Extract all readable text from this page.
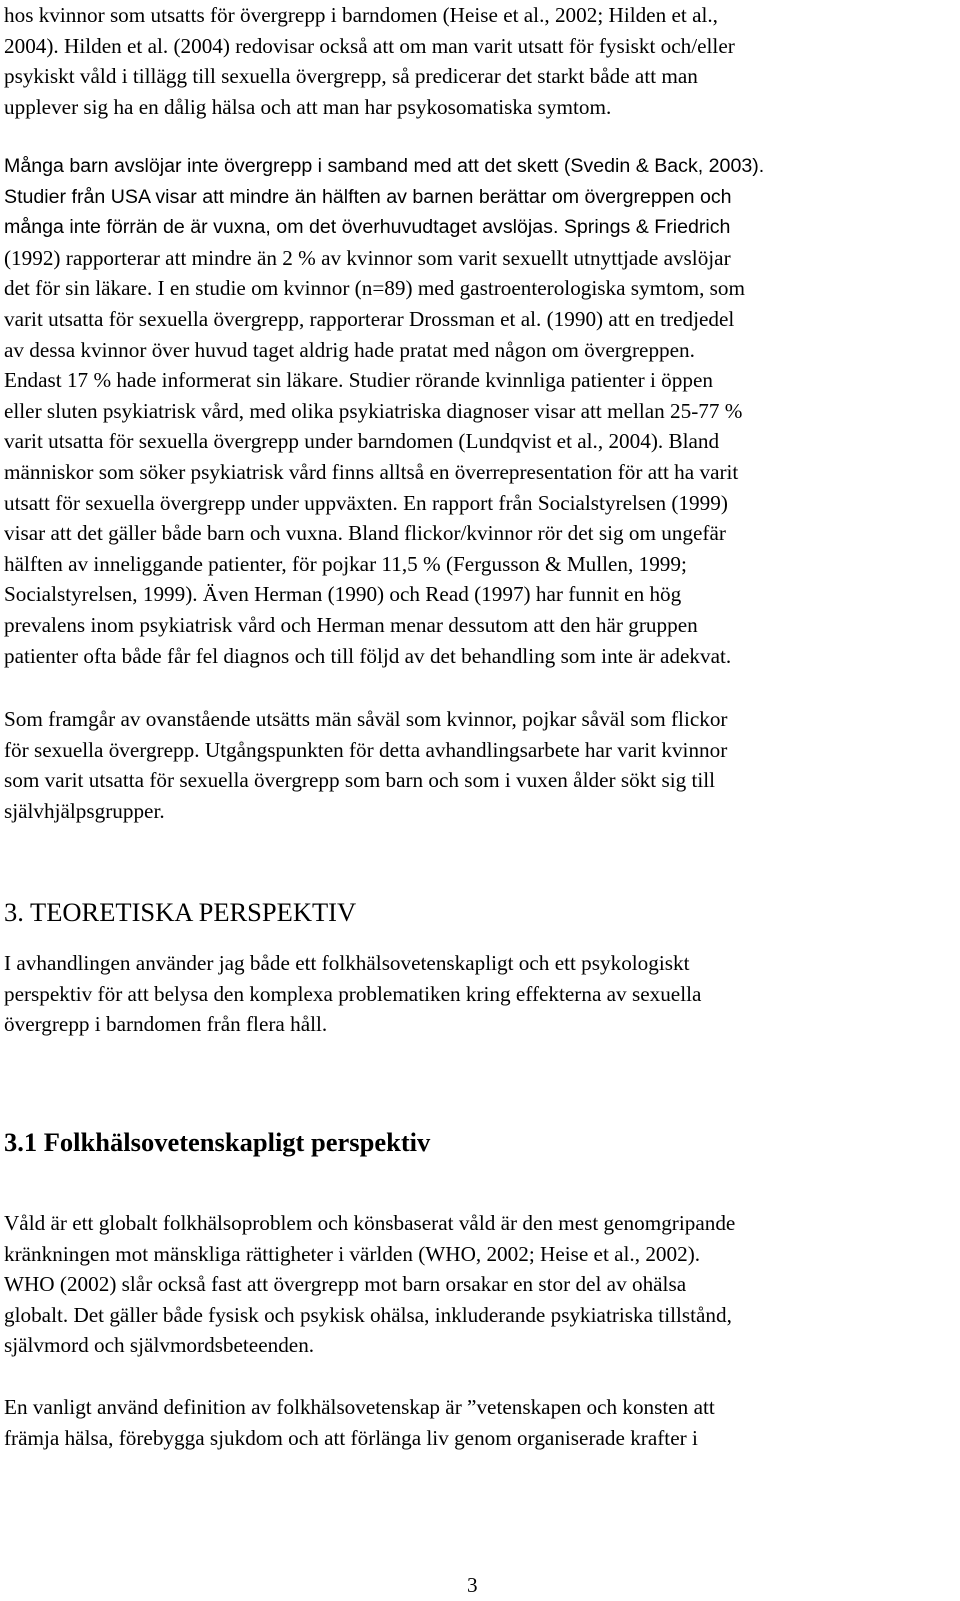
hos kvinnor som utsatts för övergrepp i barndomen (Heise et al., 2002; Hilden et al.,
2004). Hilden et al. (2004) redovisar också att om man varit utsatt för fysiskt och/eller
psykiskt våld i tillägg till sexuella övergrepp, så predicerar det starkt både att man
upplever sig ha en dålig hälsa och att man har psykosomatiska symtom.

Många barn avslöjar inte övergrepp i samband med att det skett (Svedin & Back, 2003).
Studier från USA visar att mindre än hälften av barnen berättar om övergreppen och
många inte förrän de är vuxna, om det överhuvudtaget avslöjas. Springs & Friedrich
(1992) rapporterar att mindre än 2 % av kvinnor som varit sexuellt utnyttjade avslöjar
det för sin läkare. I en studie om kvinnor (n=89) med gastroenterologiska symtom, som
varit utsatta för sexuella övergrepp, rapporterar Drossman et al. (1990) att en tredjedel
av dessa kvinnor över huvud taget aldrig hade pratat med någon om övergreppen.
Endast 17 % hade informerat sin läkare. Studier rörande kvinnliga patienter i öppen
eller sluten psykiatrisk vård, med olika psykiatriska diagnoser visar att mellan 25-77 %
varit utsatta för sexuella övergrepp under barndomen (Lundqvist et al., 2004). Bland
människor som söker psykiatrisk vård finns alltså en överrepresentation för att ha varit
utsatt för sexuella övergrepp under uppväxten. En rapport från Socialstyrelsen (1999)
visar att det gäller både barn och vuxna. Bland flickor/kvinnor rör det sig om ungefär
hälften av inneliggande patienter, för pojkar 11,5 % (Fergusson & Mullen, 1999;
Socialstyrelsen, 1999). Även Herman (1990) och Read (1997) har funnit en hög
prevalens inom psykiatrisk vård och Herman menar dessutom att den här gruppen
patienter ofta både får fel diagnos och till följd av det behandling som inte är adekvat.

Som framgår av ovanstående utsätts män såväl som kvinnor, pojkar såväl som flickor
för sexuella övergrepp. Utgångspunkten för detta avhandlingsarbete har varit kvinnor
som varit utsatta för sexuella övergrepp som barn och som i vuxen ålder sökt sig till
självhjälpsgrupper.

3. TEORETISKA PERSPEKTIV

I avhandlingen använder jag både ett folkhälsovetenskapligt och ett psykologiskt
perspektiv för att belysa den komplexa problematiken kring effekterna av sexuella
övergrepp i barndomen från flera håll.

3.1 Folkhälsovetenskapligt perspektiv

Våld är ett globalt folkhälsoproblem och könsbaserat våld är den mest genomgripande
kränkningen mot mänskliga rättigheter i världen (WHO, 2002; Heise et al., 2002).
WHO (2002) slår också fast att övergrepp mot barn orsakar en stor del av ohälsa
globalt. Det gäller både fysisk och psykisk ohälsa, inkluderande psykiatriska tillstånd,
självmord och självmordsbeteenden.

En vanligt använd definition av folkhälsovetenskap är ”vetenskapen och konsten att
främja hälsa, förebygga sjukdom och att förlänga liv genom organiserade krafter i

3
